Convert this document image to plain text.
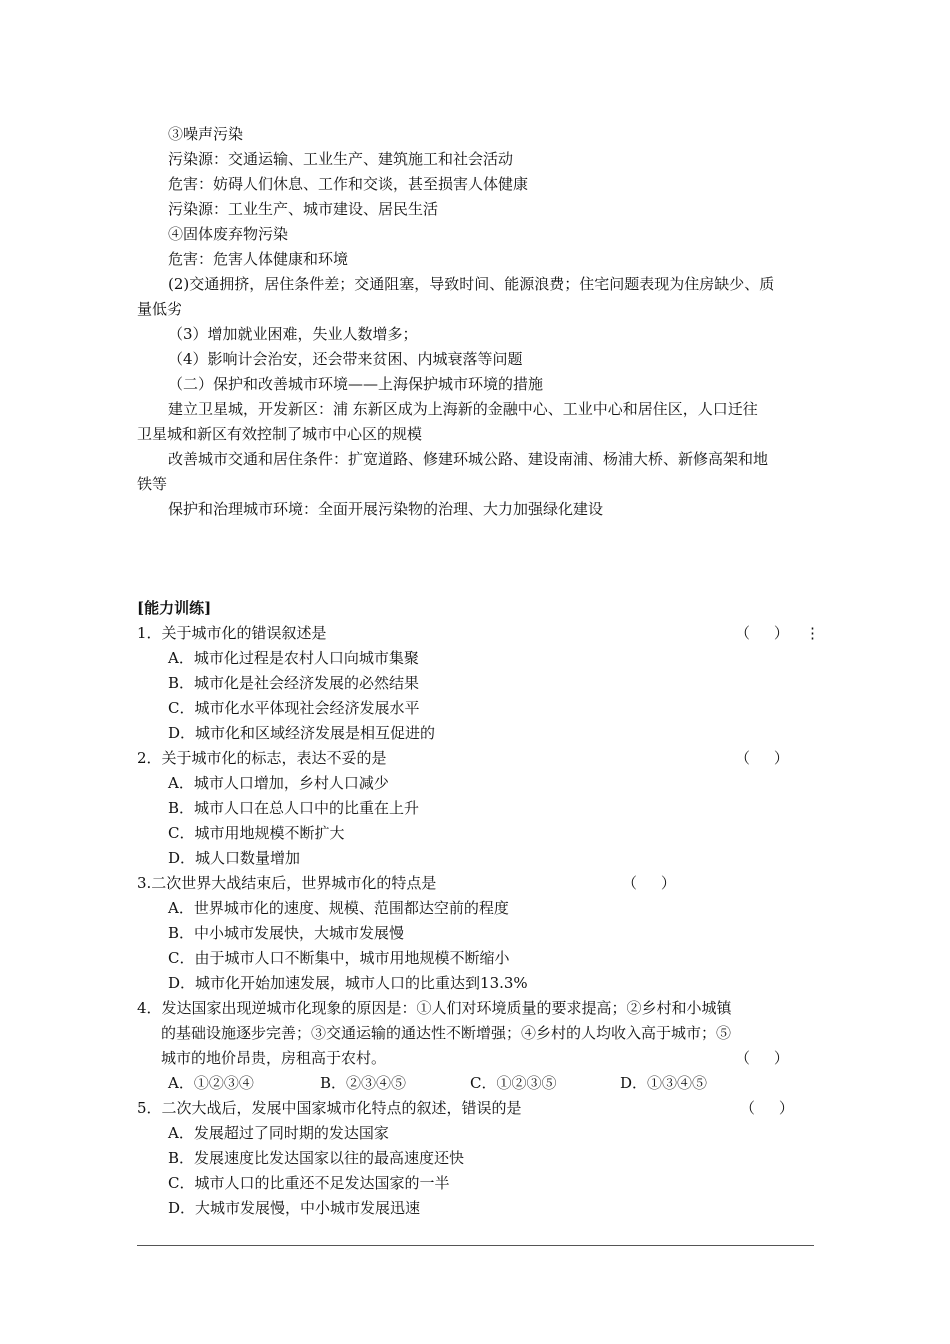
③噪声污染
污染源：交通运输、工业生产、建筑施工和社会活动
危害：妨碍人们休息、工作和交谈，甚至损害人体健康
污染源：工业生产、城市建设、居民生活
④固体废弃物污染
危害：危害人体健康和环境
(2)交通拥挤，居住条件差；交通阻塞，导致时间、能源浪费；住宅问题表现为住房缺少、质
量低劣
（3）增加就业困难，失业人数增多；
（4）影响计会治安，还会带来贫困、内城衰落等问题
（二）保护和改善城市环境——上海保护城市环境的措施
建立卫星城，开发新区：浦 东新区成为上海新的金融中心、工业中心和居住区，人口迁往
卫星城和新区有效控制了城市中心区的规模
改善城市交通和居住条件：扩宽道路、修建环城公路、建设南浦、杨浦大桥、新修高架和地
铁等
保护和治理城市环境：全面开展污染物的治理、大力加强绿化建设
[能力训练]
1．关于城市化的错误叙述是	（     ） ⋮
A．城市化过程是农村人口向城市集聚
B．城市化是社会经济发展的必然结果
C．城市化水平体现社会经济发展水平
D．城市化和区域经济发展是相互促进的
2．关于城市化的标志，表达不妥的是	（     ）
A．城市人口增加，乡村人口减少
B．城市人口在总人口中的比重在上升
C．城市用地规模不断扩大
D．城人口数量增加
3.二次世界大战结束后，世界城市化的特点是	（     ）
A．世界城市化的速度、规模、范围都达空前的程度
B．中小城市发展快，大城市发展慢
C．由于城市人口不断集中，城市用地规模不断缩小
D．城市化开始加速发展，城市人口的比重达到13.3%
4．发达国家出现逆城市化现象的原因是：①人们对环境质量的要求提高；②乡村和小城镇
的基础设施逐步完善；③交通运输的通达性不断增强；④乡村的人均收入高于城市；⑤
城市的地价昂贵，房租高于农村。	（     ）
A．①②③④	B．②③④⑤	C．①②③⑤	D．①③④⑤
5．二次大战后，发展中国家城市化特点的叙述，错误的是	（     ）
A．发展超过了同时期的发达国家
B．发展速度比发达国家以往的最高速度还快
C．城市人口的比重还不足发达国家的一半
D．大城市发展慢，中小城市发展迅速
